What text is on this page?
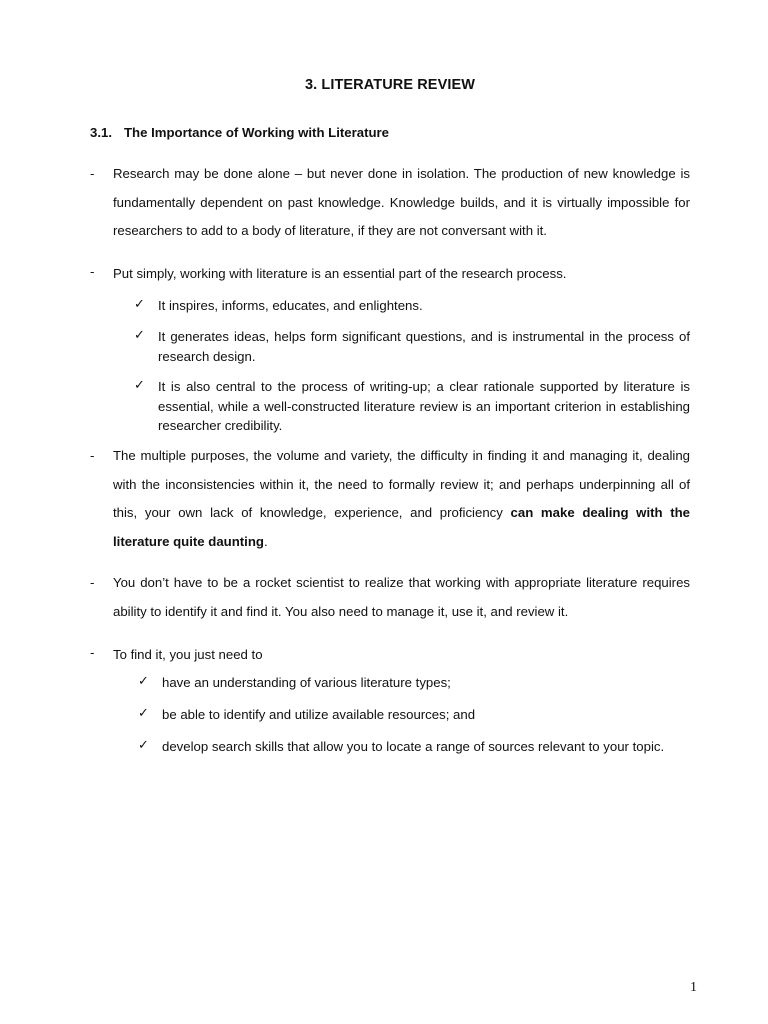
3. LITERATURE REVIEW
3.1. The Importance of Working with Literature
- Research may be done alone – but never done in isolation. The production of new knowledge is fundamentally dependent on past knowledge. Knowledge builds, and it is virtually impossible for researchers to add to a body of literature, if they are not conversant with it.
- Put simply, working with literature is an essential part of the research process.
✓ It inspires, informs, educates, and enlightens.
✓ It generates ideas, helps form significant questions, and is instrumental in the process of research design.
✓ It is also central to the process of writing-up; a clear rationale supported by literature is essential, while a well-constructed literature review is an important criterion in establishing researcher credibility.
- The multiple purposes, the volume and variety, the difficulty in finding it and managing it, dealing with the inconsistencies within it, the need to formally review it; and perhaps underpinning all of this, your own lack of knowledge, experience, and proficiency can make dealing with the literature quite daunting.
- You don’t have to be a rocket scientist to realize that working with appropriate literature requires ability to identify it and find it. You also need to manage it, use it, and review it.
- To find it, you just need to
✓ have an understanding of various literature types;
✓ be able to identify and utilize available resources; and
✓ develop search skills that allow you to locate a range of sources relevant to your topic.
1
